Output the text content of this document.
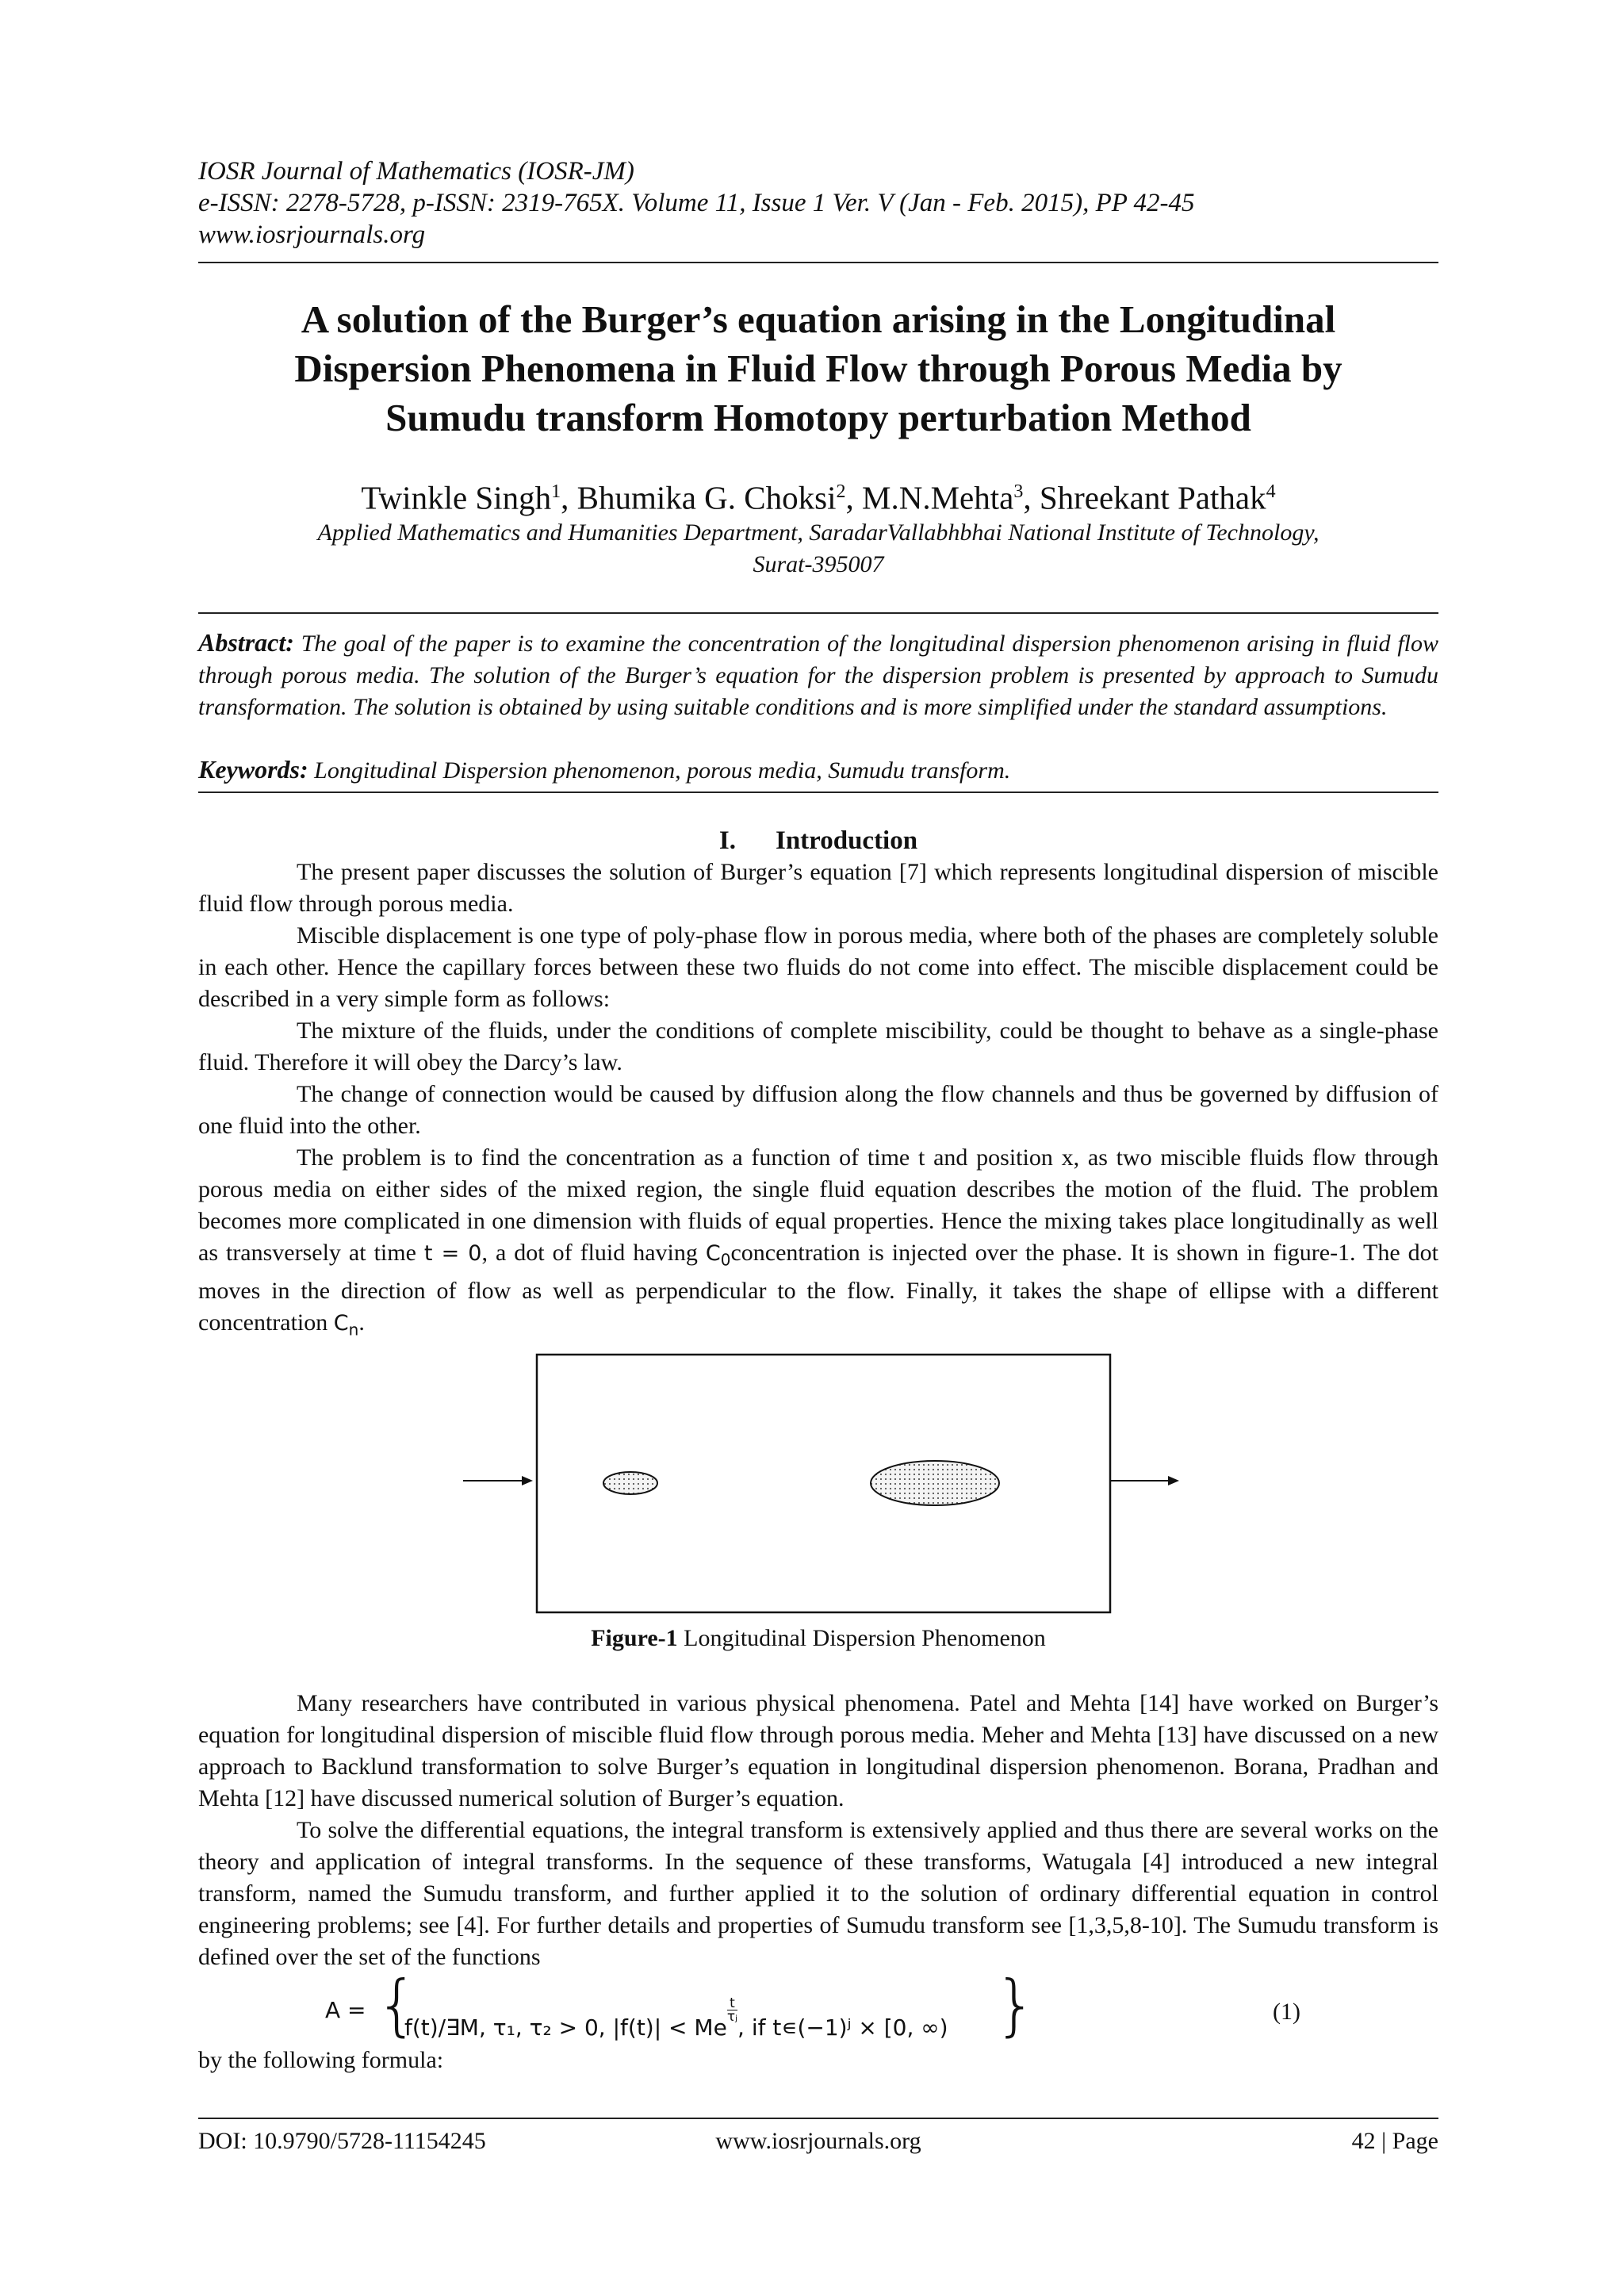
IOSR Journal of Mathematics (IOSR-JM)
e-ISSN: 2278-5728, p-ISSN: 2319-765X. Volume 11, Issue 1 Ver. V (Jan - Feb. 2015), PP 42-45
www.iosrjournals.org
A solution of the Burger’s equation arising in the Longitudinal
Dispersion Phenomena in Fluid Flow through Porous Media by
Sumudu transform Homotopy perturbation Method
Twinkle Singh$^1$, Bhumika G. Choksi$^2$, M.N.Mehta$^3$, Shreekant Pathak$^4$
Applied Mathematics and Humanities Department, SaradarVallabhbhai National Institute of Technology,
Surat-395007
Abstract: The goal of the paper is to examine the concentration of the longitudinal dispersion phenomenon arising in fluid flow through porous media. The solution of the Burger’s equation for the dispersion problem is presented by approach to Sumudu transformation. The solution is obtained by using suitable conditions and is more simplified under the standard assumptions.
Keywords: Longitudinal Dispersion phenomenon, porous media, Sumudu transform.
I. Introduction

The present paper discusses the solution of Burger’s equation [7] which represents longitudinal dispersion of miscible fluid flow through porous media.

Miscible displacement is one type of poly-phase flow in porous media, where both of the phases are completely soluble in each other. Hence the capillary forces between these two fluids do not come into effect. The miscible displacement could be described in a very simple form as follows:

The mixture of the fluids, under the conditions of complete miscibility, could be thought to behave as a single-phase fluid. Therefore it will obey the Darcy’s law.

The change of connection would be caused by diffusion along the flow channels and thus be governed by diffusion of one fluid into the other.

The problem is to find the concentration as a function of time t and position x, as two miscible fluids flow through porous media on either sides of the mixed region, the single fluid equation describes the motion of the fluid. The problem becomes more complicated in one dimension with fluids of equal properties. Hence the mixing takes place longitudinally as well as transversely at time t = 0, a dot of fluid having $C_0concentration$ is injected over the phase. It is shown in figure-1. The dot moves in the direction of flow as well as perpendicular to the flow. Finally, it takes the shape of ellipse with a different concentration $C_n$.

Figure-1 Longitudinal Dispersion Phenomenon

Many researchers have contributed in various physical phenomena. Patel and Mehta [14] have worked on Burger’s equation for longitudinal dispersion of miscible fluid flow through porous media. Meher and Mehta [13] have discussed on a new approach to Backlund transformation to solve Burger’s equation in longitudinal dispersion phenomenon. Borana, Pradhan and Mehta [12] have discussed numerical solution of Burger’s equation.

To solve the differential equations, the integral transform is extensively applied and thus there are several works on the theory and application of integral transforms. In the sequence of these transforms, Watugala [4] introduced a new integral transform, named the Sumudu transform, and further applied it to the solution of ordinary differential equation in control engineering problems; see [4]. For further details and properties of Sumudu transform see [1,3,5,8-10]. The Sumudu transform is defined over the set of the functions

A = {
f(t)/∃M, τ₁, τ₂ > 0, |f(t)| < Me
$\frac{t}{\text{τⱼ}}$
, if t∊(−1)ʲ × [0, ∞) }	(1)
by the following formula:
DOI: 10.9790/5728-11154245	www.iosrjournals.org	42 | Page
